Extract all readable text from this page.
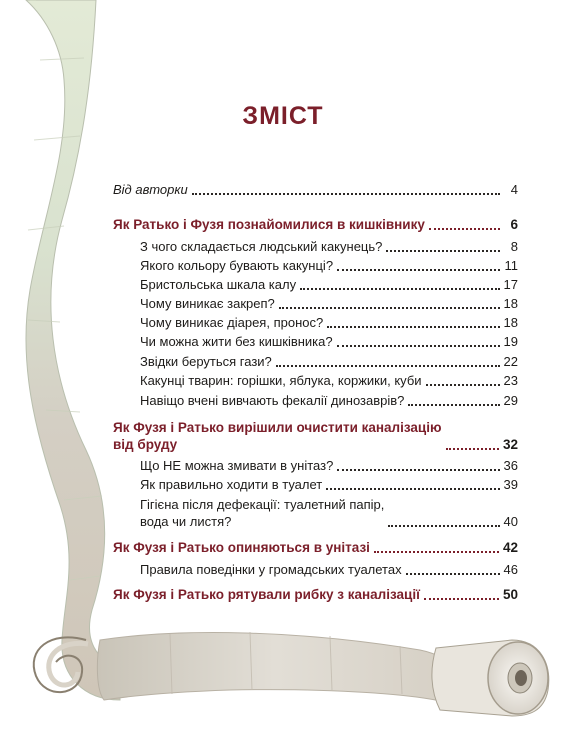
ЗМІСТ
Від авторки	4
Як Ратько і Фузя познайомилися в кишківнику	6
З чого складається людський какунець?	8
Якого кольору бувають какунці?	11
Бристольська шкала калу	17
Чому виникає закреп?	18
Чому виникає діарея, пронос?	18
Чи можна жити без кишківника?	19
Звідки беруться гази?	22
Какунці тварин: горішки, яблука, коржики, куби	23
Навіщо вчені вивчають фекалії динозаврів?	29
Як Фузя і Ратько вирішили очистити каналізацію
від бруду	32
Що НЕ можна змивати в унітаз?	36
Як правильно ходити в туалет	39
Гігієна після дефекації: туалетний папір,
вода чи листя?	40
Як Фузя і Ратько опиняються в унітазі	42
Правила поведінки у громадських туалетах	46
Як Фузя і Ратько рятували рибку з каналізації	50
